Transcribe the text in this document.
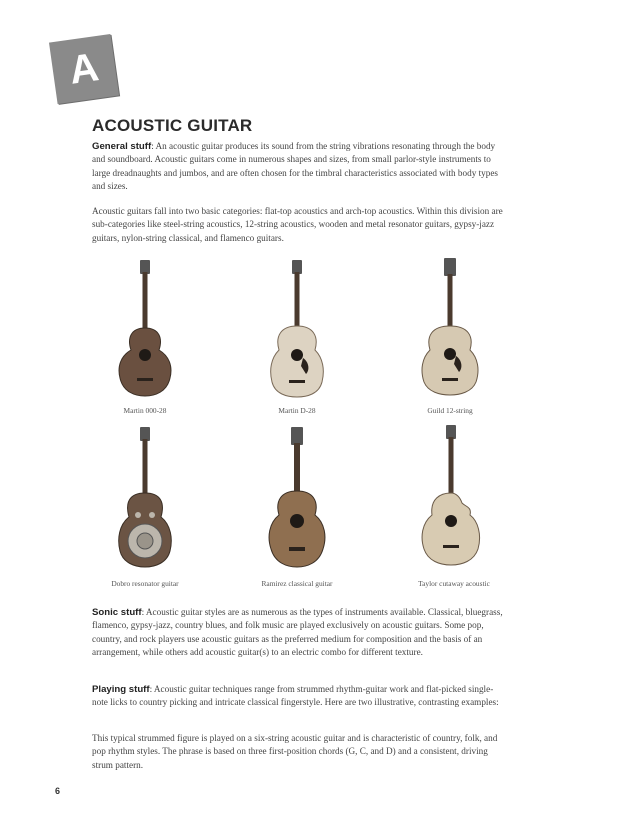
A
ACOUSTIC GUITAR

General stuff: An acoustic guitar produces its sound from the string vibrations resonating through the body and soundboard. Acoustic guitars come in numerous shapes and sizes, from small parlor-style instruments to large dreadnaughts and jumbos, and are often chosen for the timbral characteristics associated with body types and sizes.

Acoustic guitars fall into two basic categories: flat-top acoustics and arch-top acoustics. Within this division are sub-categories like steel-string acoustics, 12-string acoustics, wooden and metal resonator guitars, gypsy-jazz guitars, nylon-string classical, and flamenco guitars.

Martin 000-28	Martin D-28	Guild 12-string
Dobro resonator guitar	Ramirez classical guitar	Taylor cutaway acoustic

Sonic stuff: Acoustic guitar styles are as numerous as the types of instruments available. Classical, bluegrass, flamenco, gypsy-jazz, country blues, and folk music are played exclusively on acoustic guitars. Some pop, country, and rock players use acoustic guitars as the preferred medium for composition and the basis of an arrangement, while others add acoustic guitar(s) to an electric combo for different texture.

Playing stuff: Acoustic guitar techniques range from strummed rhythm-guitar work and flat-picked single-note licks to country picking and intricate classical fingerstyle. Here are two illustrative, contrasting examples:

This typical strummed figure is played on a six-string acoustic guitar and is characteristic of country, folk, and pop rhythm styles. The phrase is based on three first-position chords (G, C, and D) and a consistent, driving strum pattern.

6
